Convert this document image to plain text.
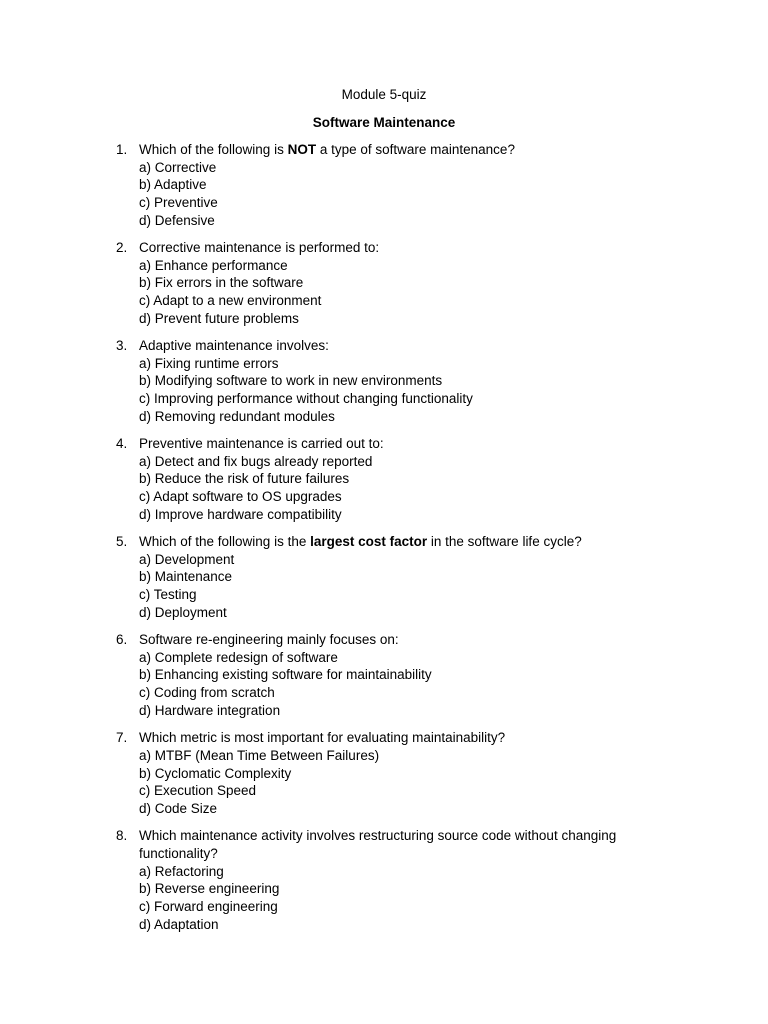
Module 5-quiz
Software Maintenance
1. Which of the following is NOT a type of software maintenance?
a) Corrective
b) Adaptive
c) Preventive
d) Defensive
2. Corrective maintenance is performed to:
a) Enhance performance
b) Fix errors in the software
c) Adapt to a new environment
d) Prevent future problems
3. Adaptive maintenance involves:
a) Fixing runtime errors
b) Modifying software to work in new environments
c) Improving performance without changing functionality
d) Removing redundant modules
4. Preventive maintenance is carried out to:
a) Detect and fix bugs already reported
b) Reduce the risk of future failures
c) Adapt software to OS upgrades
d) Improve hardware compatibility
5. Which of the following is the largest cost factor in the software life cycle?
a) Development
b) Maintenance
c) Testing
d) Deployment
6. Software re-engineering mainly focuses on:
a) Complete redesign of software
b) Enhancing existing software for maintainability
c) Coding from scratch
d) Hardware integration
7. Which metric is most important for evaluating maintainability?
a) MTBF (Mean Time Between Failures)
b) Cyclomatic Complexity
c) Execution Speed
d) Code Size
8. Which maintenance activity involves restructuring source code without changing functionality?
a) Refactoring
b) Reverse engineering
c) Forward engineering
d) Adaptation
